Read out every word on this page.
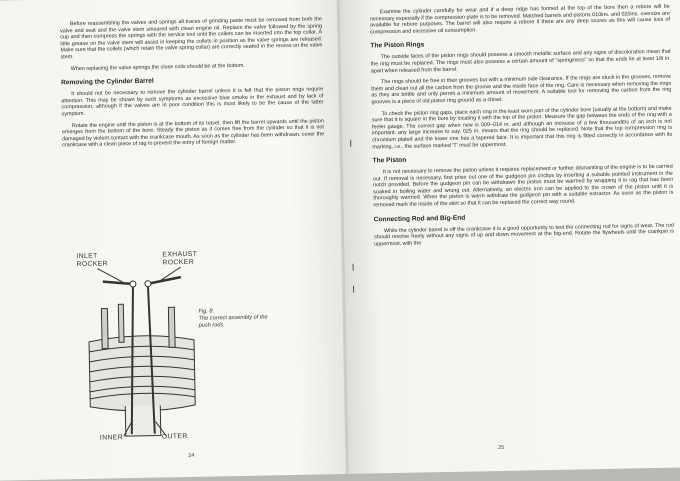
Before reassembling the valves and springs all traces of grinding paste must be removed from both the valve and seat and the valve stem smeared with clean engine oil. Replace the valve followed by the spring cup and then compress the springs with the service tool until the collets can be inserted into the top collar. A little grease on the valve stem will assist in keeping the collets in position as the valve springs are released. Make sure that the collets (which retain the valve spring collar) are correctly seated in the recess on the valve stem.

When replacing the valve springs the close coils should be at the bottom.

Removing the Cylinder Barrel

It should not be necessary to remove the cylinder barrel unless it is felt that the piston rings require attention. This may be shown by such symptoms as excessive blue smoke in the exhaust and by lack of compression, although if the valves are in poor condition this is most likely to be the cause of the latter symptom.

Rotate the engine until the piston is at the bottom of its travel, then lift the barrel upwards until the piston emerges from the bottom of the bore. Steady the piston as it comes free from the cylinder so that it is not damaged by violent contact with the crankcase mouth. As soon as the cylinder has been withdrawn, cover the crankcase with a clean piece of rag to prevent the entry of foreign matter.

INLET ROCKER
EXHAUST ROCKER
INNER	OUTER
Fig. 8.
The correct assembly of the push rods.
24

Examine the cylinder carefully for wear and if a deep ridge has formed at the top of the bore then a rebore will be necessary especially if the compression plate is to be removed. Matched barrels and pistons 010ins. and 020ins. oversize are available for rebore purposes. The barrel will also require a rebore if there are any deep scores as this will cause loss of compression and excessive oil consumption.

The Piston Rings

The outside faces of the piston rings should possess a smooth metallic surface and any signs of discoloration mean that the ring must be replaced. The rings must also possess a certain amount of "springiness" so that the ends lie at least 1/8 in. apart when released from the barrel.

The rings should be free in their grooves but with a minimum side clearance. If the rings are stuck in the grooves, remove them and clean out all the carbon from the groove and the inside face of the ring. Care is necessary when removing the rings as they are brittle and only permit a minimum amount of movement. A suitable tool for removing the carbon from the ring grooves is a piece of old piston ring ground as a chisel.

To check the piston ring gaps, place each ring in the least worn part of the cylinder bore (usually at the bottom) and make sure that it is square in the bore by locating it with the top of the piston. Measure the gap between the ends of the ring with a feeler gauge. The correct gap when new is 009–014 in. and although an increase of a few thousandths of an inch is not important, any large increase to say, 025 in. means that the ring should be replaced. Note that the top compression ring is chromium plated and the lower one has a tapered face. It is important that this ring is fitted correctly in accordance with its marking, i.e., the surface marked 'T' must be uppermost.

The Piston

It is not necessary to remove the piston unless it requires replacement or further dismantling of the engine is to be carried out. If removal is necessary, first prise out one of the gudgeon pin circlips by inserting a suitable pointed instrument in the notch provided. Before the gudgeon pin can be withdrawn the piston must be warmed by wrapping it in rag that has been soaked in boiling water and wrung out. Alternatively, an electric iron can be applied to the crown of the piston until it is thoroughly warmed. When the piston is warm withdraw the gudgeon pin with a suitable extractor. As soon as the piston is removed mark the inside of the skirt so that it can be replaced the correct way round.

Connecting Rod and Big-End

While the cylinder barrel is off the crankcase it is a good opportunity to test the connecting rod for signs of wear. The rod should revolve freely without any signs of up and down movement at the big-end. Rotate the flywheels until the crankpin is uppermost, with the

25
